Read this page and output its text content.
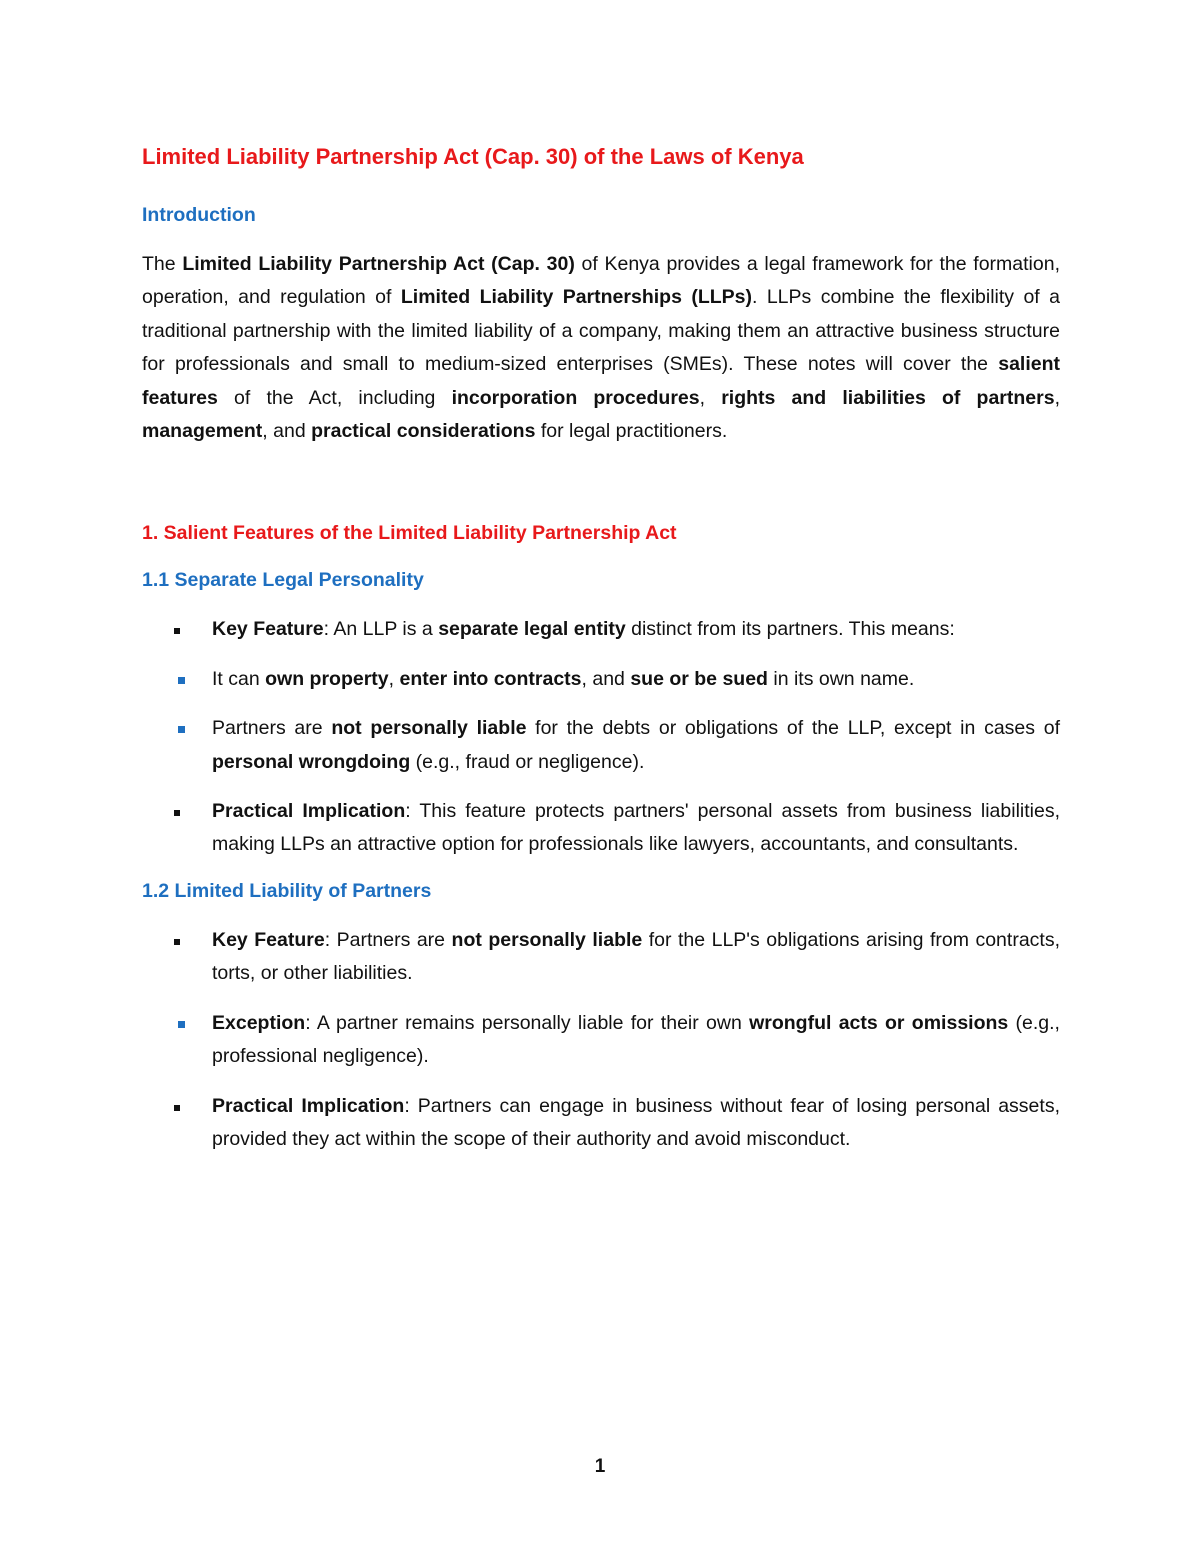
Limited Liability Partnership Act (Cap. 30) of the Laws of Kenya
Introduction

The Limited Liability Partnership Act (Cap. 30) of Kenya provides a legal framework for the formation, operation, and regulation of Limited Liability Partnerships (LLPs). LLPs combine the flexibility of a traditional partnership with the limited liability of a company, making them an attractive business structure for professionals and small to medium-sized enterprises (SMEs). These notes will cover the salient features of the Act, including incorporation procedures, rights and liabilities of partners, management, and practical considerations for legal practitioners.

1. Salient Features of the Limited Liability Partnership Act
1.1 Separate Legal Personality
Key Feature: An LLP is a separate legal entity distinct from its partners. This means:
It can own property, enter into contracts, and sue or be sued in its own name.
Partners are not personally liable for the debts or obligations of the LLP, except in cases of personal wrongdoing (e.g., fraud or negligence).
Practical Implication: This feature protects partners' personal assets from business liabilities, making LLPs an attractive option for professionals like lawyers, accountants, and consultants.
1.2 Limited Liability of Partners
Key Feature: Partners are not personally liable for the LLP's obligations arising from contracts, torts, or other liabilities.
Exception: A partner remains personally liable for their own wrongful acts or omissions (e.g., professional negligence).
Practical Implication: Partners can engage in business without fear of losing personal assets, provided they act within the scope of their authority and avoid misconduct.
1
